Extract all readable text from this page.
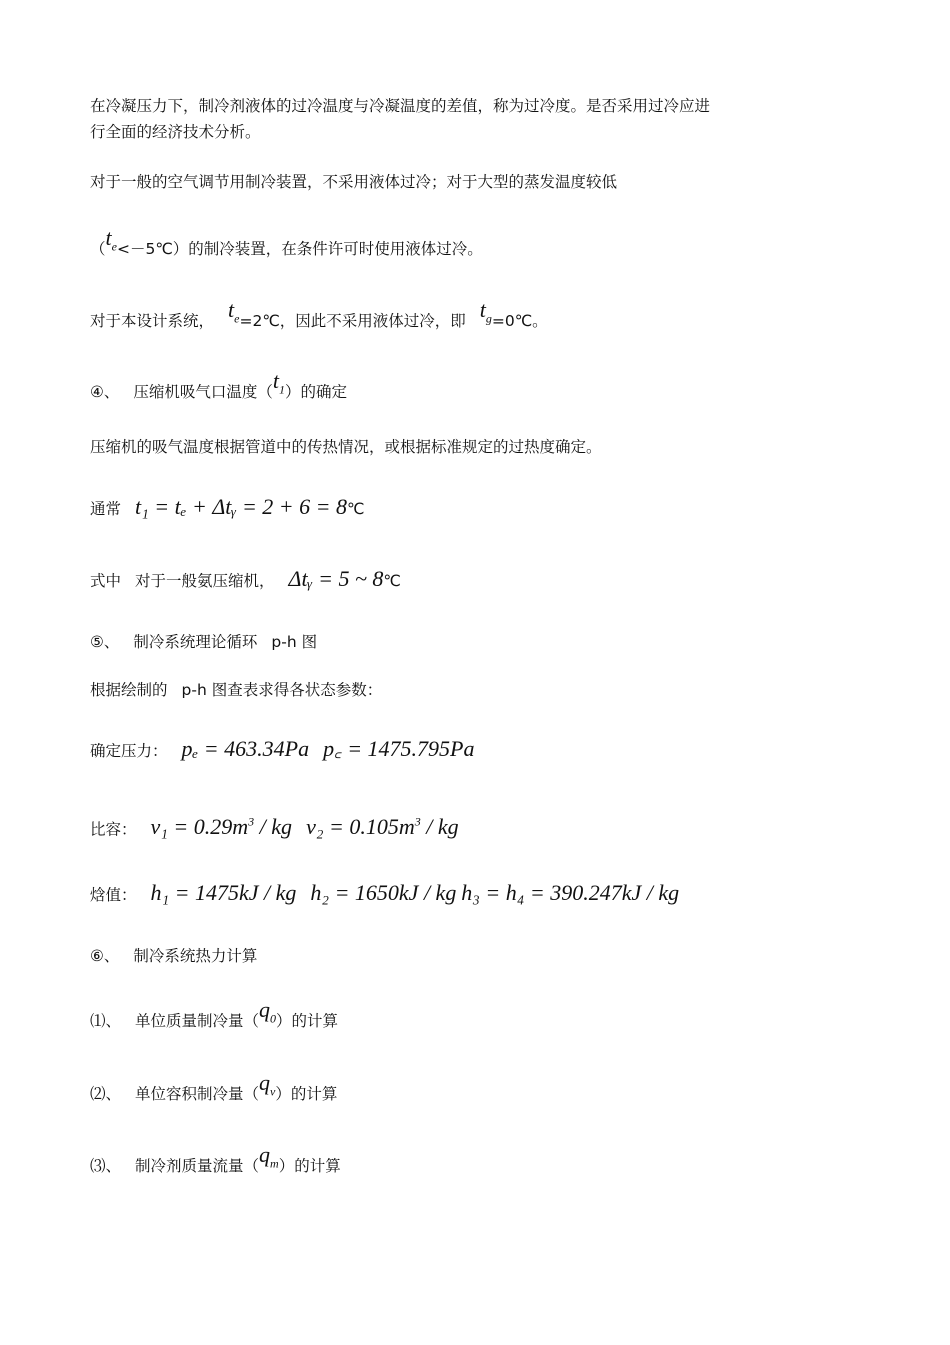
在冷凝压力下，制冷剂液体的过冷温度与冷凝温度的差值，称为过冷度。是否采用过冷应进
行全面的经济技术分析。
对于一般的空气调节用制冷装置，不采用液体过冷；对于大型的蒸发温度较低
$(t_e<-5℃)$的制冷装置，在条件许可时使用液体过冷。
对于本设计系统， $t_e=2℃$，因此不采用液体过冷，即 $t_g=0℃$。
④、 压缩机吸气口温度$(t_1)$的确定
压缩机的吸气温度根据管道中的传热情况，或根据标准规定的过热度确定。
通常 t₁ = tₑ + Δtᵧ = 2 + 6 = 8℃
式中 对于一般氨压缩机， Δtᵧ = 5 ~ 8℃
⑤、 制冷系统理论循环 p-h 图
根据绘制的 p-h 图查表求得各状态参数：
确定压力： pₑ = 463.34Pa p꜀ = 1475.795Pa
比容： $v_1 = 0.29m^3$ / kg $v_2 = 0.105m^3$ / kg
焓值： h₁ = 1475kJ / kg h₂ = 1650kJ / kg h₃ = h₄ = 390.247kJ / kg
⑥、 制冷系统热力计算
⑴、 单位质量制冷量$(q_0)$的计算
⑵、 单位容积制冷量$(q_v)$的计算
⑶、 制冷剂质量流量$(q_m)$的计算
